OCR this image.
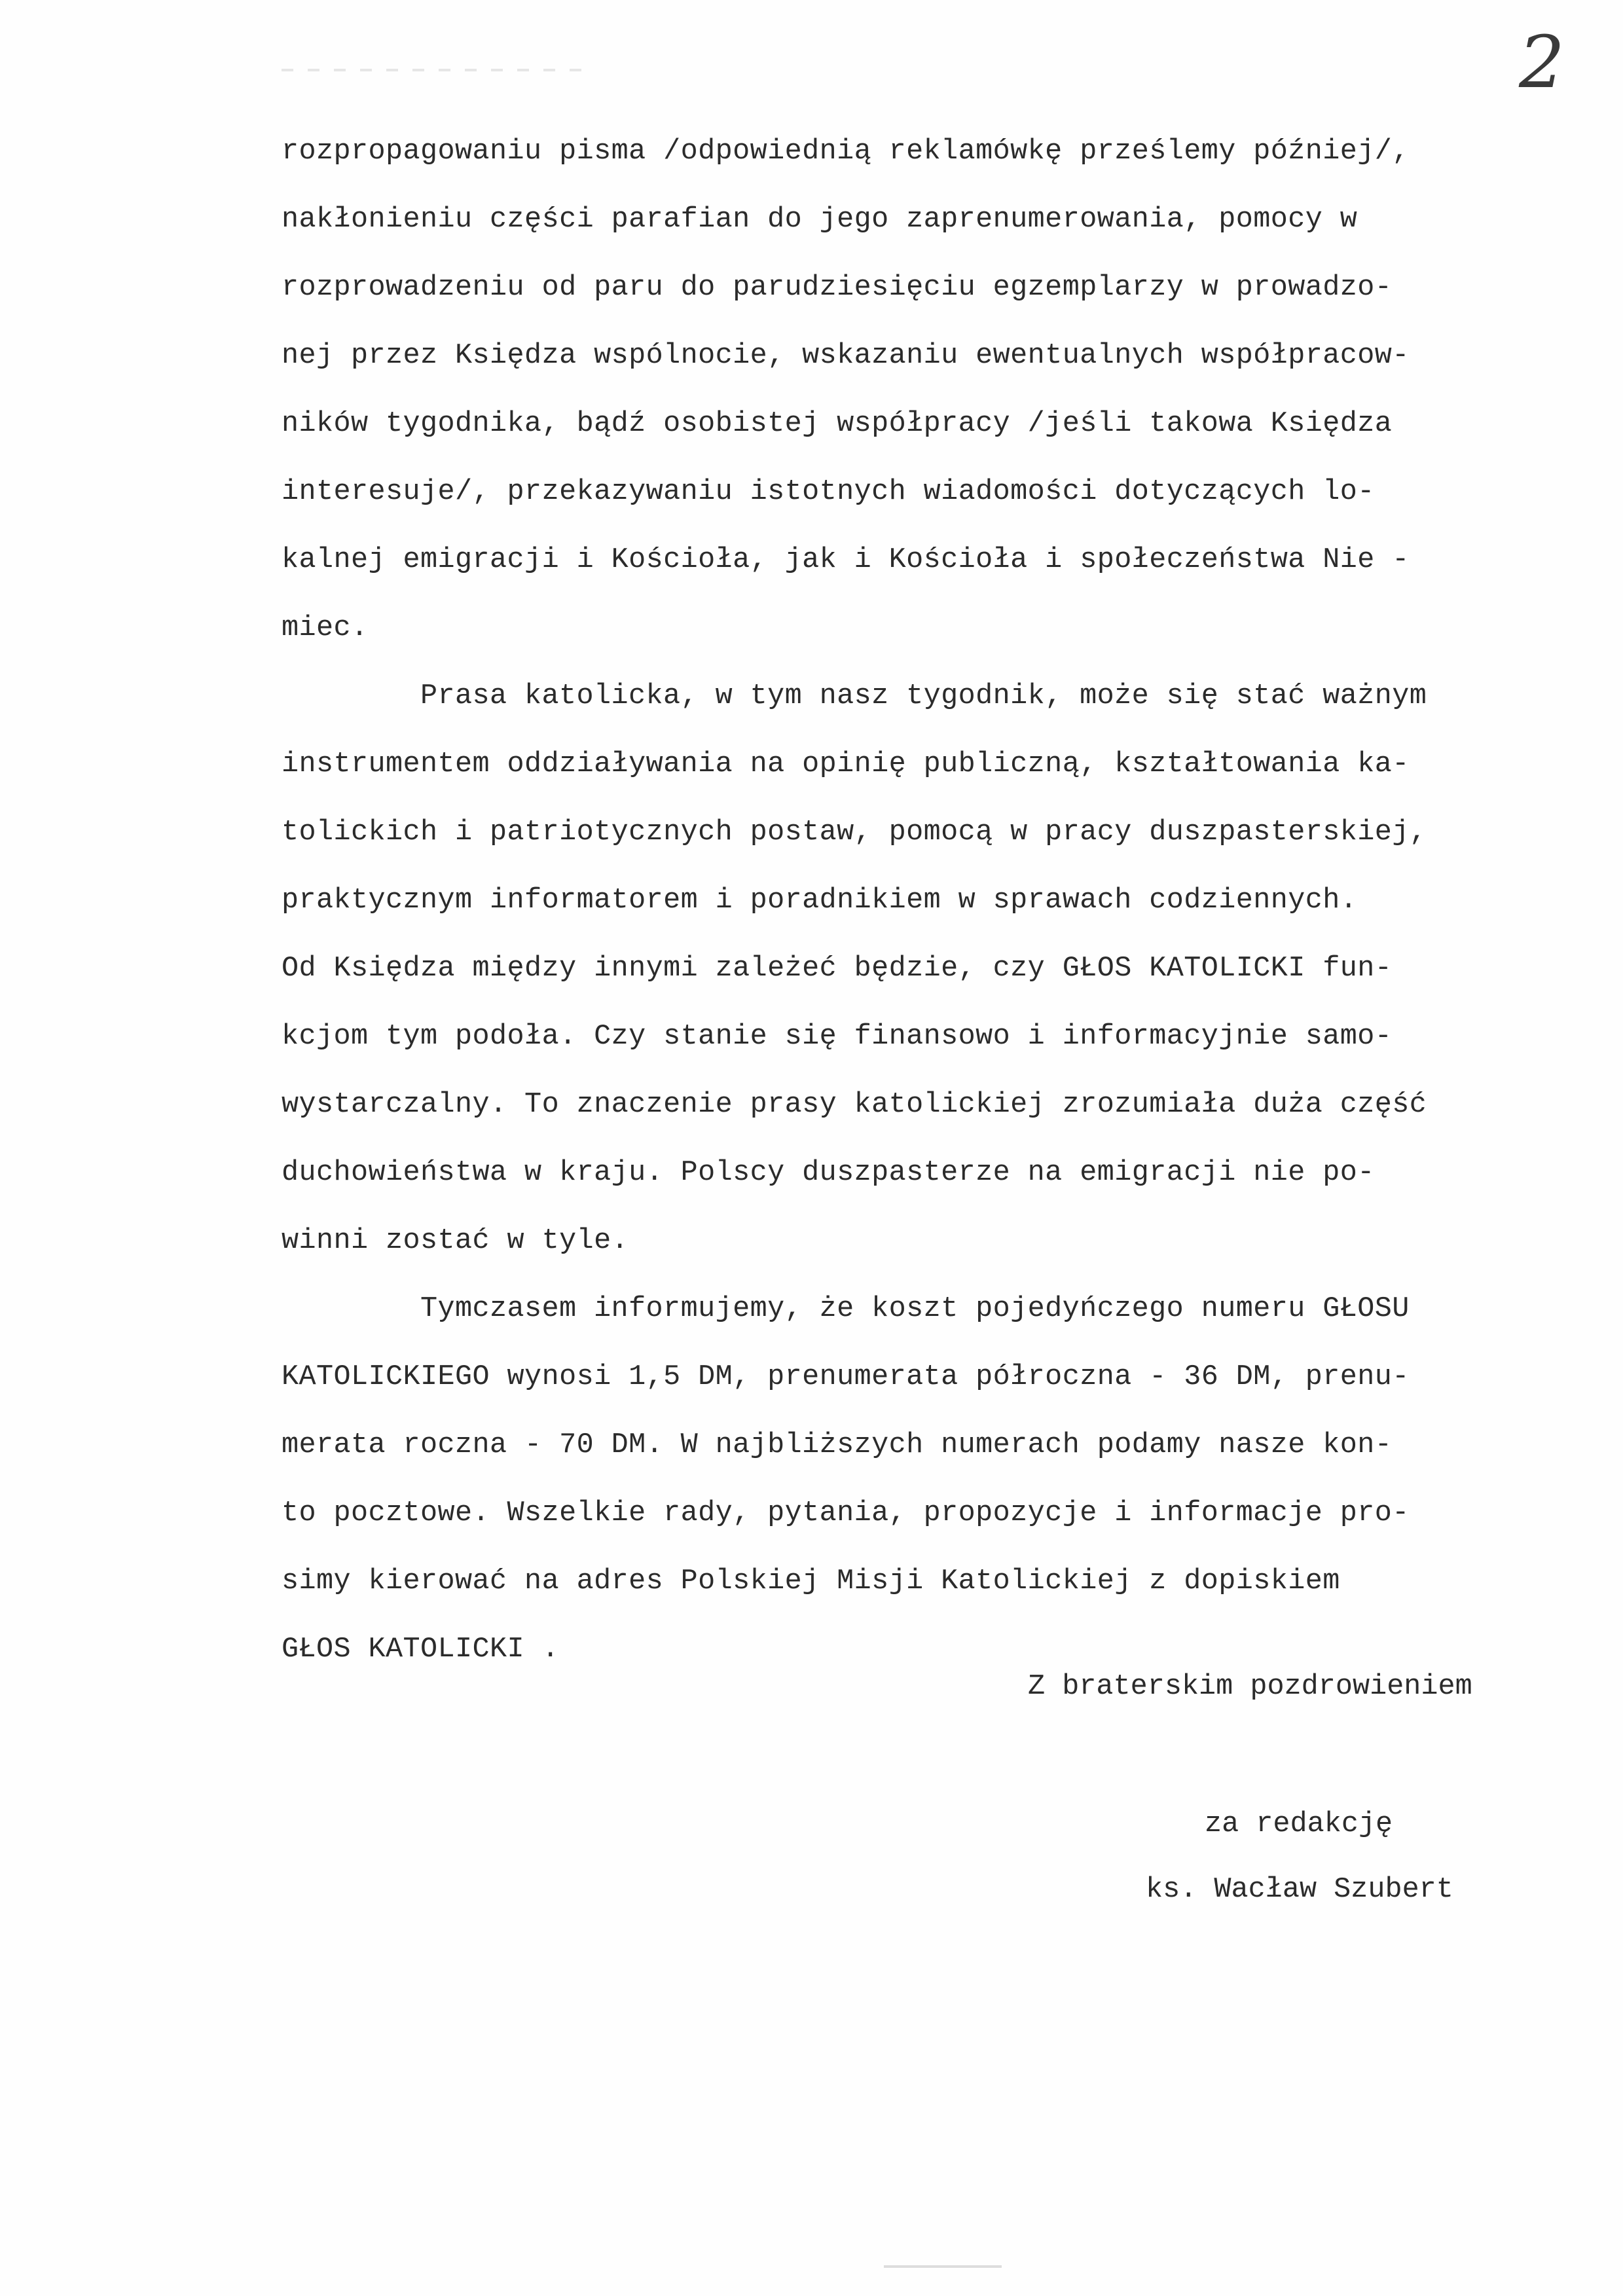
2
rozpropagowaniu pisma /odpowiednią reklamówkę prześlemy później/,
nakłonieniu części parafian do jego zaprenumerowania, pomocy w
rozprowadzeniu od paru do parudziesięciu egzemplarzy w prowadzo-
nej przez Księdza wspólnocie, wskazaniu ewentualnych współpracow-
ników tygodnika, bądź osobistej współpracy /jeśli takowa Księdza
interesuje/, przekazywaniu istotnych wiadomości dotyczących lo-
kalnej emigracji i Kościoła, jak i Kościoła i społeczeństwa Nie -
miec.
Prasa katolicka, w tym nasz tygodnik, może się stać ważnym
instrumentem oddziaływania na opinię publiczną, kształtowania ka-
tolickich i patriotycznych postaw, pomocą w pracy duszpasterskiej,
praktycznym informatorem i poradnikiem w sprawach codziennych.
Od Księdza między innymi zależeć będzie, czy GŁOS KATOLICKI fun-
kcjom tym podoła. Czy stanie się finansowo i informacyjnie samo-
wystarczalny. To znaczenie prasy katolickiej zrozumiała duża część
duchowieństwa w kraju. Polscy duszpasterze na emigracji nie po-
winni zostać w tyle.
Tymczasem informujemy, że koszt pojedyńczego numeru GŁOSU
KATOLICKIEGO wynosi 1,5 DM, prenumerata półroczna - 36 DM, prenu-
merata roczna - 70 DM. W najbliższych numerach podamy nasze kon-
to pocztowe. Wszelkie rady, pytania, propozycje i informacje pro-
simy kierować na adres Polskiej Misji Katolickiej z dopiskiem
GŁOS KATOLICKI .

Z braterskim pozdrowieniem

za redakcję

ks. Wacław Szubert
